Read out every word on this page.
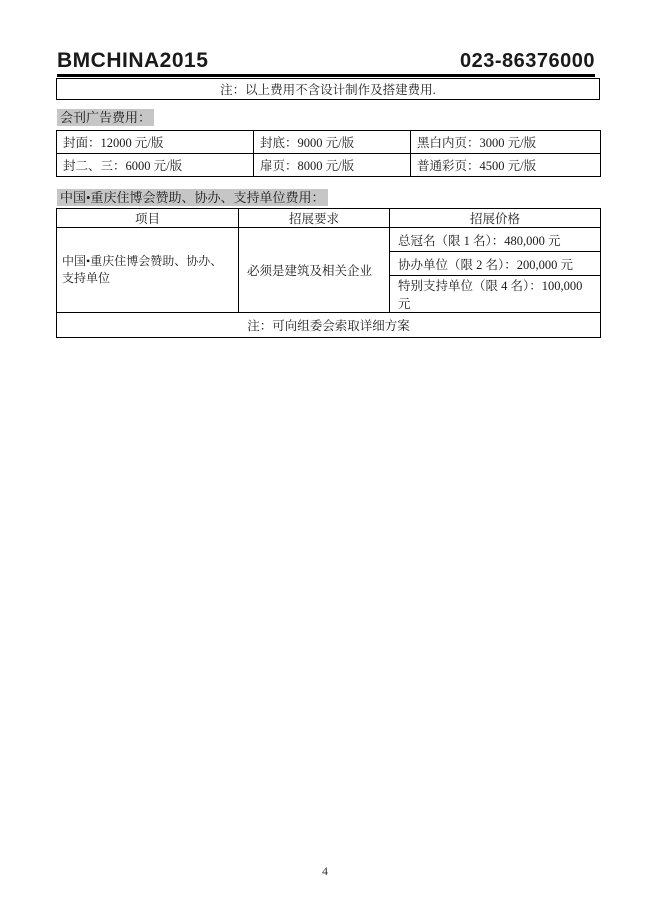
BMCHINA2015	023-86376000
注：以上费用不含设计制作及搭建费用.
会刊广告费用：
封面：12000 元/版	封底：9000 元/版	黑白内页：3000 元/版
封二、三：6000 元/版	扉页：8000 元/版	普通彩页：4500 元/版
中国•重庆住博会赞助、协办、支持单位费用：
项目	招展要求	招展价格
中国•重庆住博会赞助、协办、支持单位	必须是建筑及相关企业	总冠名（限 1 名）：480,000 元
		协办单位（限 2 名）：200,000 元
		特别支持单位（限 4 名）：100,000 元
注：可向组委会索取详细方案		
4
